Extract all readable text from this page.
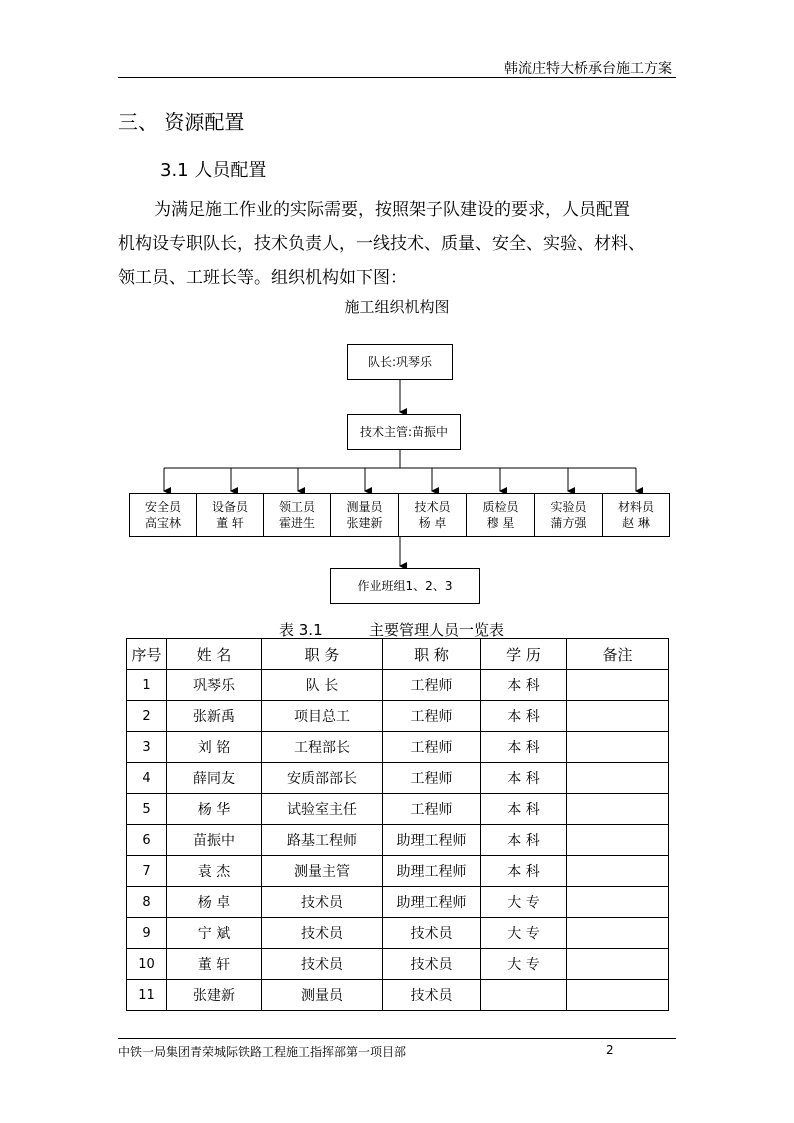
韩流庄特大桥承台施工方案
三、 资源配置
3.1 人员配置
为满足施工作业的实际需要，按照架子队建设的要求，人员配置
机构设专职队长，技术负责人，一线技术、质量、安全、实验、材料、
领工员、工班长等。组织机构如下图：
施工组织机构图
队长:巩琴乐
技术主管:苗振中
安全员
高宝林
设备员
董 轩
领工员
霍进生
测量员
张建新
技术员
杨 卓
质检员
穆 星
实验员
蒲方强
材料员
赵 琳
作业班组1、2、3
表 3.1	主要管理人员一览表
序号	姓 名	职 务	职 称	学 历	备注
1	巩琴乐	队 长	工程师	本 科	
2	张新禹	项目总工	工程师	本 科	
3	刘 铭	工程部长	工程师	本 科	
4	薛同友	安质部部长	工程师	本 科	
5	杨 华	试验室主任	工程师	本 科	
6	苗振中	路基工程师	助理工程师	本 科	
7	袁 杰	测量主管	助理工程师	本 科	
8	杨 卓	技术员	助理工程师	大 专	
9	宁 斌	技术员	技术员	大 专	
10	董 轩	技术员	技术员	大 专	
11	张建新	测量员	技术员		
中铁一局集团青荣城际铁路工程施工指挥部第一项目部	2
